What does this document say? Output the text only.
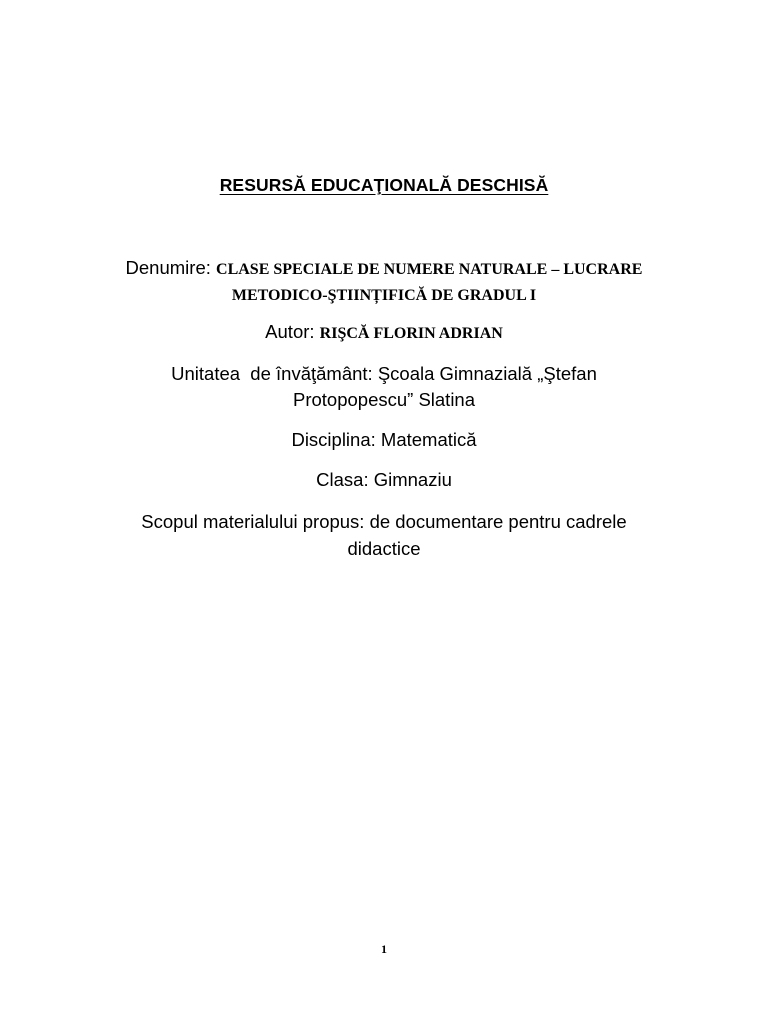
RESURSĂ EDUCAŢIONALĂ DESCHISĂ
Denumire: CLASE SPECIALE DE NUMERE NATURALE – LUCRARE
METODICO-ŞTIINȚIFICĂ DE GRADUL I
Autor: RIŞCĂ FLORIN ADRIAN
Unitatea  de învăţământ: Şcoala Gimnazială „Ştefan
Protopopescu” Slatina
Disciplina: Matematică
Clasa: Gimnaziu
Scopul materialului propus: de documentare pentru cadrele
didactice
1
